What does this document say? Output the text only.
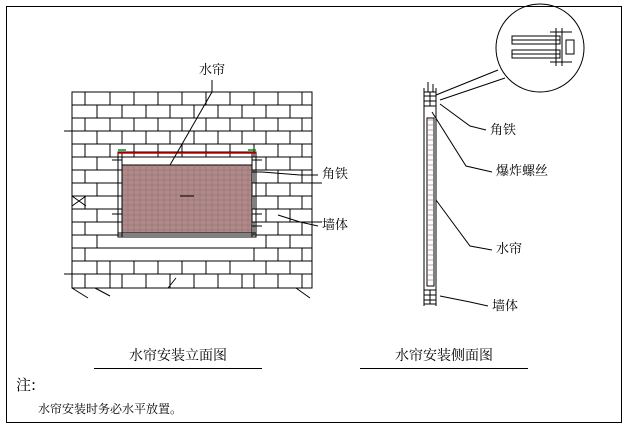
水帘
角铁
墙体
角铁
爆炸螺丝
水帘
墙体
水帘安装立面图	水帘安装侧面图
注:
水帘安装时务必水平放置。
